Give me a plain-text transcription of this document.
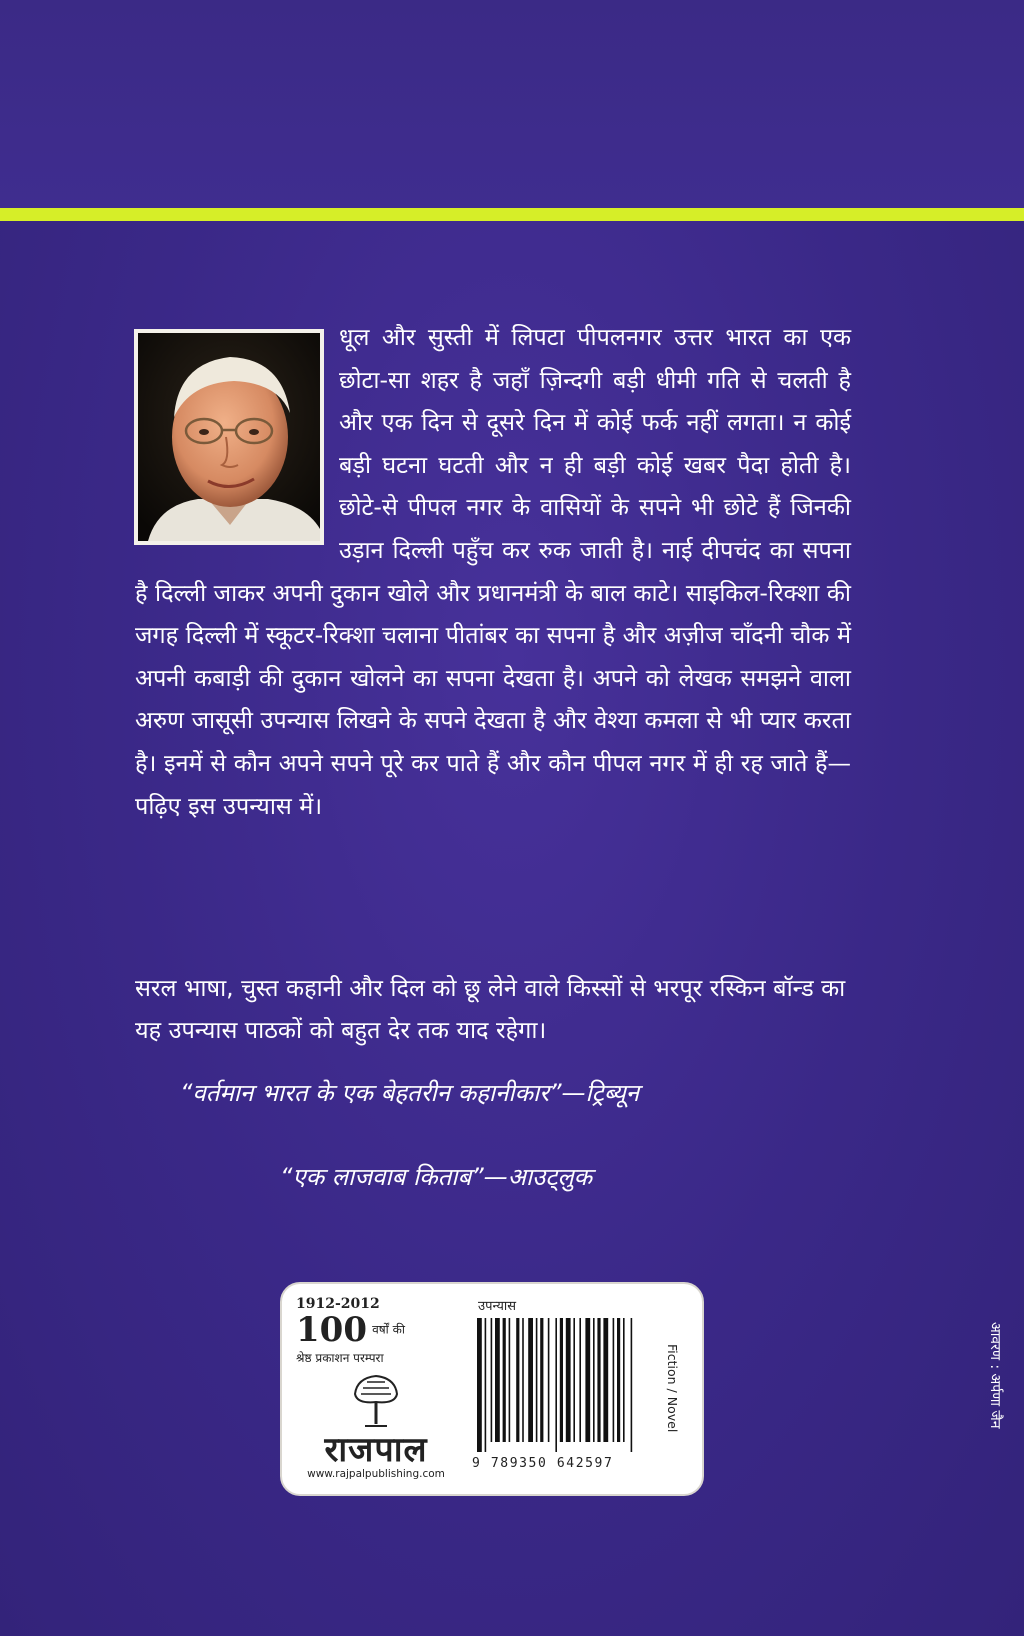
धूल और सुस्ती में लिपटा पीपलनगर उत्तर भारत का एक छोटा-सा शहर है जहाँ ज़िन्दगी बड़ी धीमी गति से चलती है और एक दिन से दूसरे दिन में कोई फर्क नहीं लगता। न कोई बड़ी घटना घटती और न ही बड़ी कोई खबर पैदा होती है। छोटे-से पीपल नगर के वासियों के सपने भी छोटे हैं जिनकी उड़ान दिल्ली पहुँच कर रुक जाती है। नाई दीपचंद का सपना है दिल्ली जाकर अपनी दुकान खोले और प्रधानमंत्री के बाल काटे। साइकिल-रिक्शा की जगह दिल्ली में स्कूटर-रिक्शा चलाना पीतांबर का सपना है और अज़ीज चाँदनी चौक में अपनी कबाड़ी की दुकान खोलने का सपना देखता है। अपने को लेखक समझने वाला अरुण जासूसी उपन्यास लिखने के सपने देखता है और वेश्या कमला से भी प्यार करता है। इनमें से कौन अपने सपने पूरे कर पाते हैं और कौन पीपल नगर में ही रह जाते हैं—पढ़िए इस उपन्यास में।

सरल भाषा, चुस्त कहानी और दिल को छू लेने वाले किस्सों से भरपूर रस्किन बॉन्ड का यह उपन्यास पाठकों को बहुत देर तक याद रहेगा।

“वर्तमान भारत के एक बेहतरीन कहानीकार”—ट्रिब्यून

“एक लाजवाब किताब”—आउट्लुक

1912-2012
100 वर्षों की
श्रेष्ठ प्रकाशन परम्परा
राजपाल
www.rajpalpublishing.com
उपन्यास
9 789350 642597
Fiction / Novel	आवरण : अर्पणा जैन
